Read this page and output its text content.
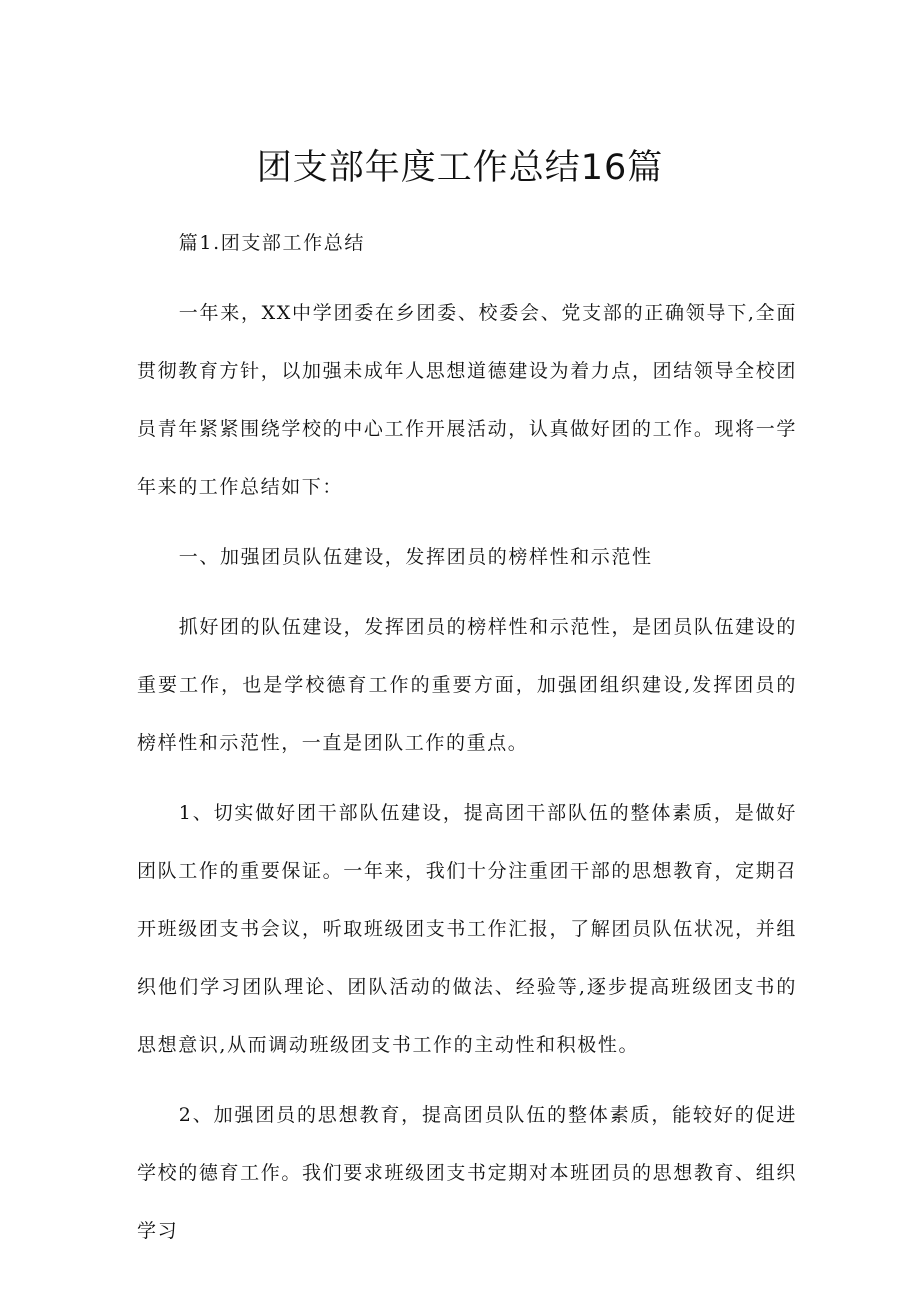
团支部年度工作总结16篇

篇1.团支部工作总结

一年来，XX中学团委在乡团委、校委会、党支部的正确领导下,全面贯彻教育方针，以加强未成年人思想道德建设为着力点，团结领导全校团员青年紧紧围绕学校的中心工作开展活动，认真做好团的工作。现将一学年来的工作总结如下：

一、加强团员队伍建设，发挥团员的榜样性和示范性

抓好团的队伍建设，发挥团员的榜样性和示范性，是团员队伍建设的重要工作，也是学校德育工作的重要方面，加强团组织建设,发挥团员的榜样性和示范性，一直是团队工作的重点。

1、切实做好团干部队伍建设，提高团干部队伍的整体素质，是做好团队工作的重要保证。一年来，我们十分注重团干部的思想教育，定期召开班级团支书会议，听取班级团支书工作汇报，了解团员队伍状况，并组织他们学习团队理论、团队活动的做法、经验等,逐步提高班级团支书的思想意识,从而调动班级团支书工作的主动性和积极性。

2、加强团员的思想教育，提高团员队伍的整体素质，能较好的促进学校的德育工作。我们要求班级团支书定期对本班团员的思想教育、组织学习
